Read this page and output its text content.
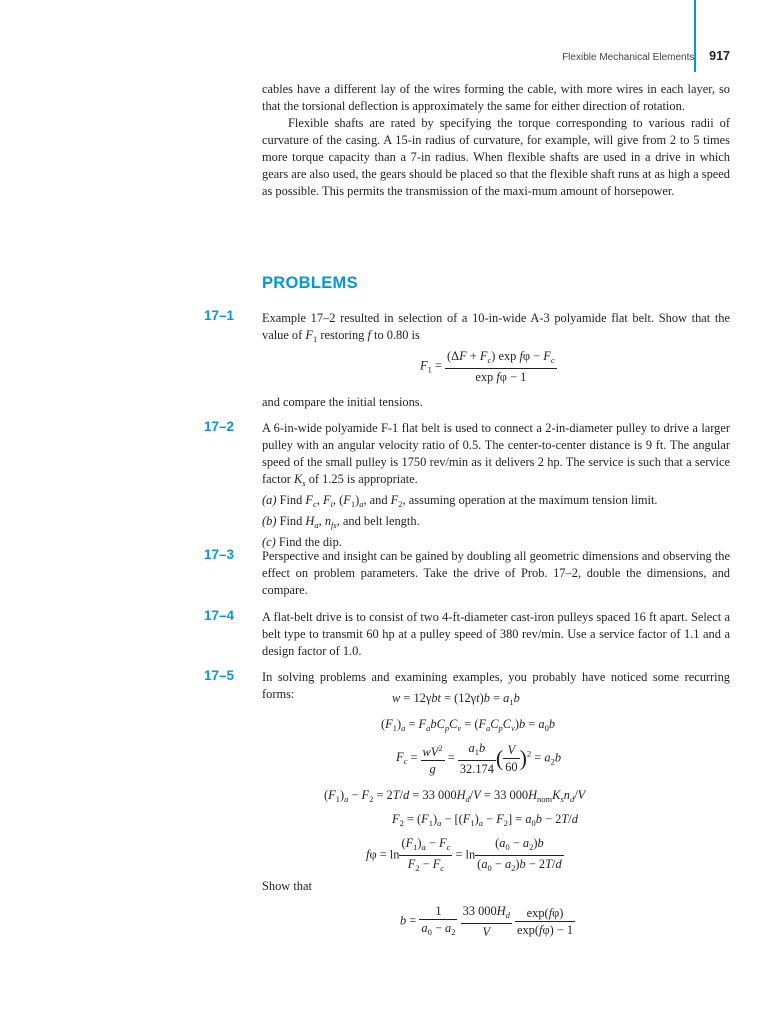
Flexible Mechanical Elements 917

cables have a different lay of the wires forming the cable, with more wires in each layer, so that the torsional deflection is approximately the same for either direction of rotation.

Flexible shafts are rated by specifying the torque corresponding to various radii of curvature of the casing. A 15-in radius of curvature, for example, will give from 2 to 5 times more torque capacity than a 7-in radius. When flexible shafts are used in a drive in which gears are also used, the gears should be placed so that the flexible shaft runs at as high a speed as possible. This permits the transmission of the maxi-mum amount of horsepower.

PROBLEMS
17–1 Example 17–2 resulted in selection of a 10-in-wide A-3 polyamide flat belt. Show that the value of $F_1$ restoring f to 0.80 is

$F_1 = \frac{(\Delta F + F_c) \exp f\varphi - F_c}{\text{exp fφ − 1}}$
and compare the initial tensions.
17–2 A 6-in-wide polyamide F-1 flat belt is used to connect a 2-in-diameter pulley to drive a larger pulley with an angular velocity ratio of 0.5. The center-to-center distance is 9 ft. The angular speed of the small pulley is 1750 rev/min as it delivers 2 hp. The service is such that a service factor $K_s$ of 1.25 is appropriate.

(a) Find $F_c$, $F_i$, $(F_1)_a$, and $F_2$, assuming operation at the maximum tension limit.

(b) Find $H_a$, $n_{fs}$, and belt length.

(c) Find the dip.

17–3 Perspective and insight can be gained by doubling all geometric dimensions and observing the effect on problem parameters. Take the drive of Prob. 17–2, double the dimensions, and compare.
17–4 A flat-belt drive is to consist of two 4-ft-diameter cast-iron pulleys spaced 16 ft apart. Select a belt type to transmit 60 hp at a pulley speed of 380 rev/min. Use a service factor of 1.1 and a design factor of 1.0.
17–5 In solving problems and examining examples, you probably have noticed some recurring forms:	$w = 12\gamma bt = (12\gamma t)b = a_1b$
$(F_1)_a = F_abC_pC_v = (F_aC_pC_v)b = a_0b$
$F_c = \frac{wV^2}{g} = \frac{a_1b}{32.174}$ ( $\frac{V}{60} )^2 = a_2b$
$(F_1)_a - F_2 = 2T/d = 33$ $000H_d/V = 33$ $000H_{nom}K_sn_d/V$
$F_2 = (F_1)_a - [(F_1)_a - F_2] = a_0b - 2T/d$
$f\varphi = \ln \frac{(F_1)_a - F_c}{F_2 - F_c} = \ln \frac{(a_0 - a_2)b}{(a_0 - a_2)b - 2T/d}$
Show that
$b = \frac{1}{a_0 - a_2}$
$\frac{33 000H_d}{V}$
$\frac{\exp(f\varphi)}{\exp(f\varphi) - 1}$
